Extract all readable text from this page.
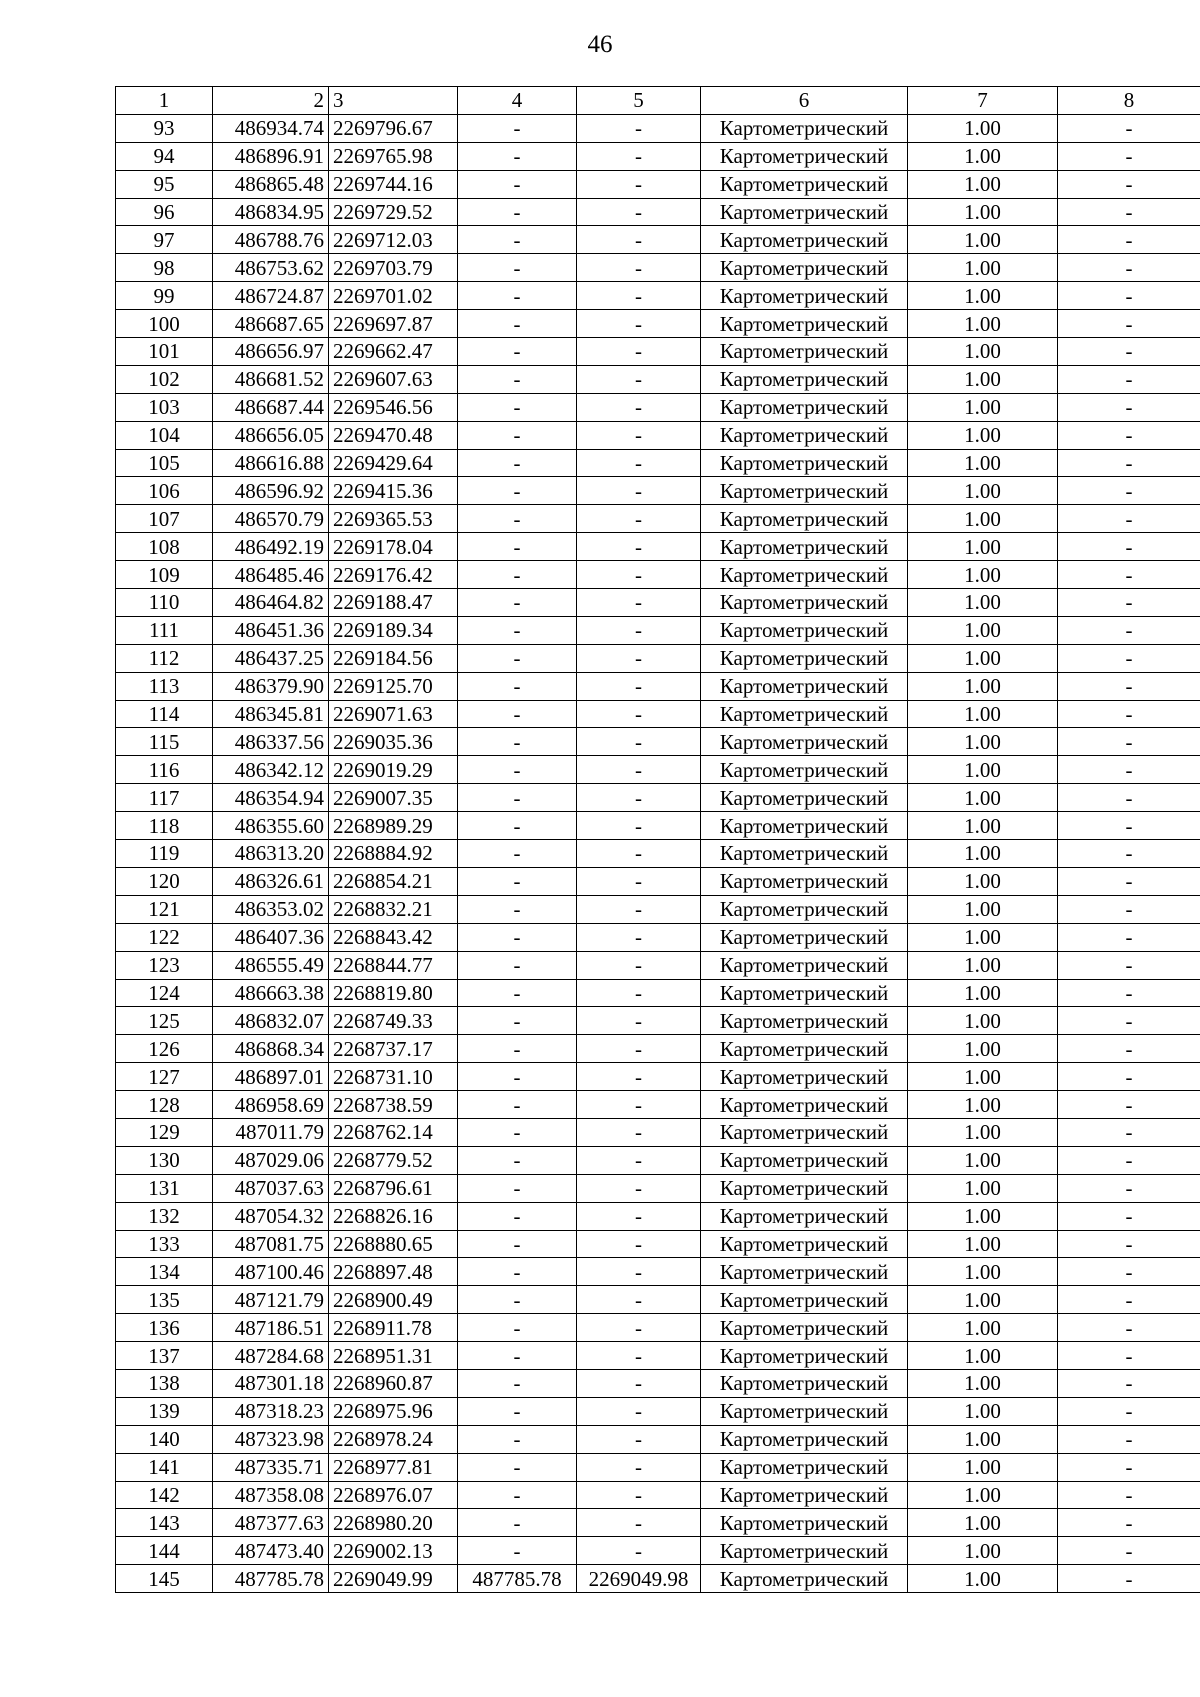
46
1	2	3	4	5	6	7	8
93	486934.74	2269796.67	-	-	Картометрический	1.00	-
94	486896.91	2269765.98	-	-	Картометрический	1.00	-
95	486865.48	2269744.16	-	-	Картометрический	1.00	-
96	486834.95	2269729.52	-	-	Картометрический	1.00	-
97	486788.76	2269712.03	-	-	Картометрический	1.00	-
98	486753.62	2269703.79	-	-	Картометрический	1.00	-
99	486724.87	2269701.02	-	-	Картометрический	1.00	-
100	486687.65	2269697.87	-	-	Картометрический	1.00	-
101	486656.97	2269662.47	-	-	Картометрический	1.00	-
102	486681.52	2269607.63	-	-	Картометрический	1.00	-
103	486687.44	2269546.56	-	-	Картометрический	1.00	-
104	486656.05	2269470.48	-	-	Картометрический	1.00	-
105	486616.88	2269429.64	-	-	Картометрический	1.00	-
106	486596.92	2269415.36	-	-	Картометрический	1.00	-
107	486570.79	2269365.53	-	-	Картометрический	1.00	-
108	486492.19	2269178.04	-	-	Картометрический	1.00	-
109	486485.46	2269176.42	-	-	Картометрический	1.00	-
110	486464.82	2269188.47	-	-	Картометрический	1.00	-
111	486451.36	2269189.34	-	-	Картометрический	1.00	-
112	486437.25	2269184.56	-	-	Картометрический	1.00	-
113	486379.90	2269125.70	-	-	Картометрический	1.00	-
114	486345.81	2269071.63	-	-	Картометрический	1.00	-
115	486337.56	2269035.36	-	-	Картометрический	1.00	-
116	486342.12	2269019.29	-	-	Картометрический	1.00	-
117	486354.94	2269007.35	-	-	Картометрический	1.00	-
118	486355.60	2268989.29	-	-	Картометрический	1.00	-
119	486313.20	2268884.92	-	-	Картометрический	1.00	-
120	486326.61	2268854.21	-	-	Картометрический	1.00	-
121	486353.02	2268832.21	-	-	Картометрический	1.00	-
122	486407.36	2268843.42	-	-	Картометрический	1.00	-
123	486555.49	2268844.77	-	-	Картометрический	1.00	-
124	486663.38	2268819.80	-	-	Картометрический	1.00	-
125	486832.07	2268749.33	-	-	Картометрический	1.00	-
126	486868.34	2268737.17	-	-	Картометрический	1.00	-
127	486897.01	2268731.10	-	-	Картометрический	1.00	-
128	486958.69	2268738.59	-	-	Картометрический	1.00	-
129	487011.79	2268762.14	-	-	Картометрический	1.00	-
130	487029.06	2268779.52	-	-	Картометрический	1.00	-
131	487037.63	2268796.61	-	-	Картометрический	1.00	-
132	487054.32	2268826.16	-	-	Картометрический	1.00	-
133	487081.75	2268880.65	-	-	Картометрический	1.00	-
134	487100.46	2268897.48	-	-	Картометрический	1.00	-
135	487121.79	2268900.49	-	-	Картометрический	1.00	-
136	487186.51	2268911.78	-	-	Картометрический	1.00	-
137	487284.68	2268951.31	-	-	Картометрический	1.00	-
138	487301.18	2268960.87	-	-	Картометрический	1.00	-
139	487318.23	2268975.96	-	-	Картометрический	1.00	-
140	487323.98	2268978.24	-	-	Картометрический	1.00	-
141	487335.71	2268977.81	-	-	Картометрический	1.00	-
142	487358.08	2268976.07	-	-	Картометрический	1.00	-
143	487377.63	2268980.20	-	-	Картометрический	1.00	-
144	487473.40	2269002.13	-	-	Картометрический	1.00	-
145	487785.78	2269049.99	487785.78	2269049.98	Картометрический	1.00	-
